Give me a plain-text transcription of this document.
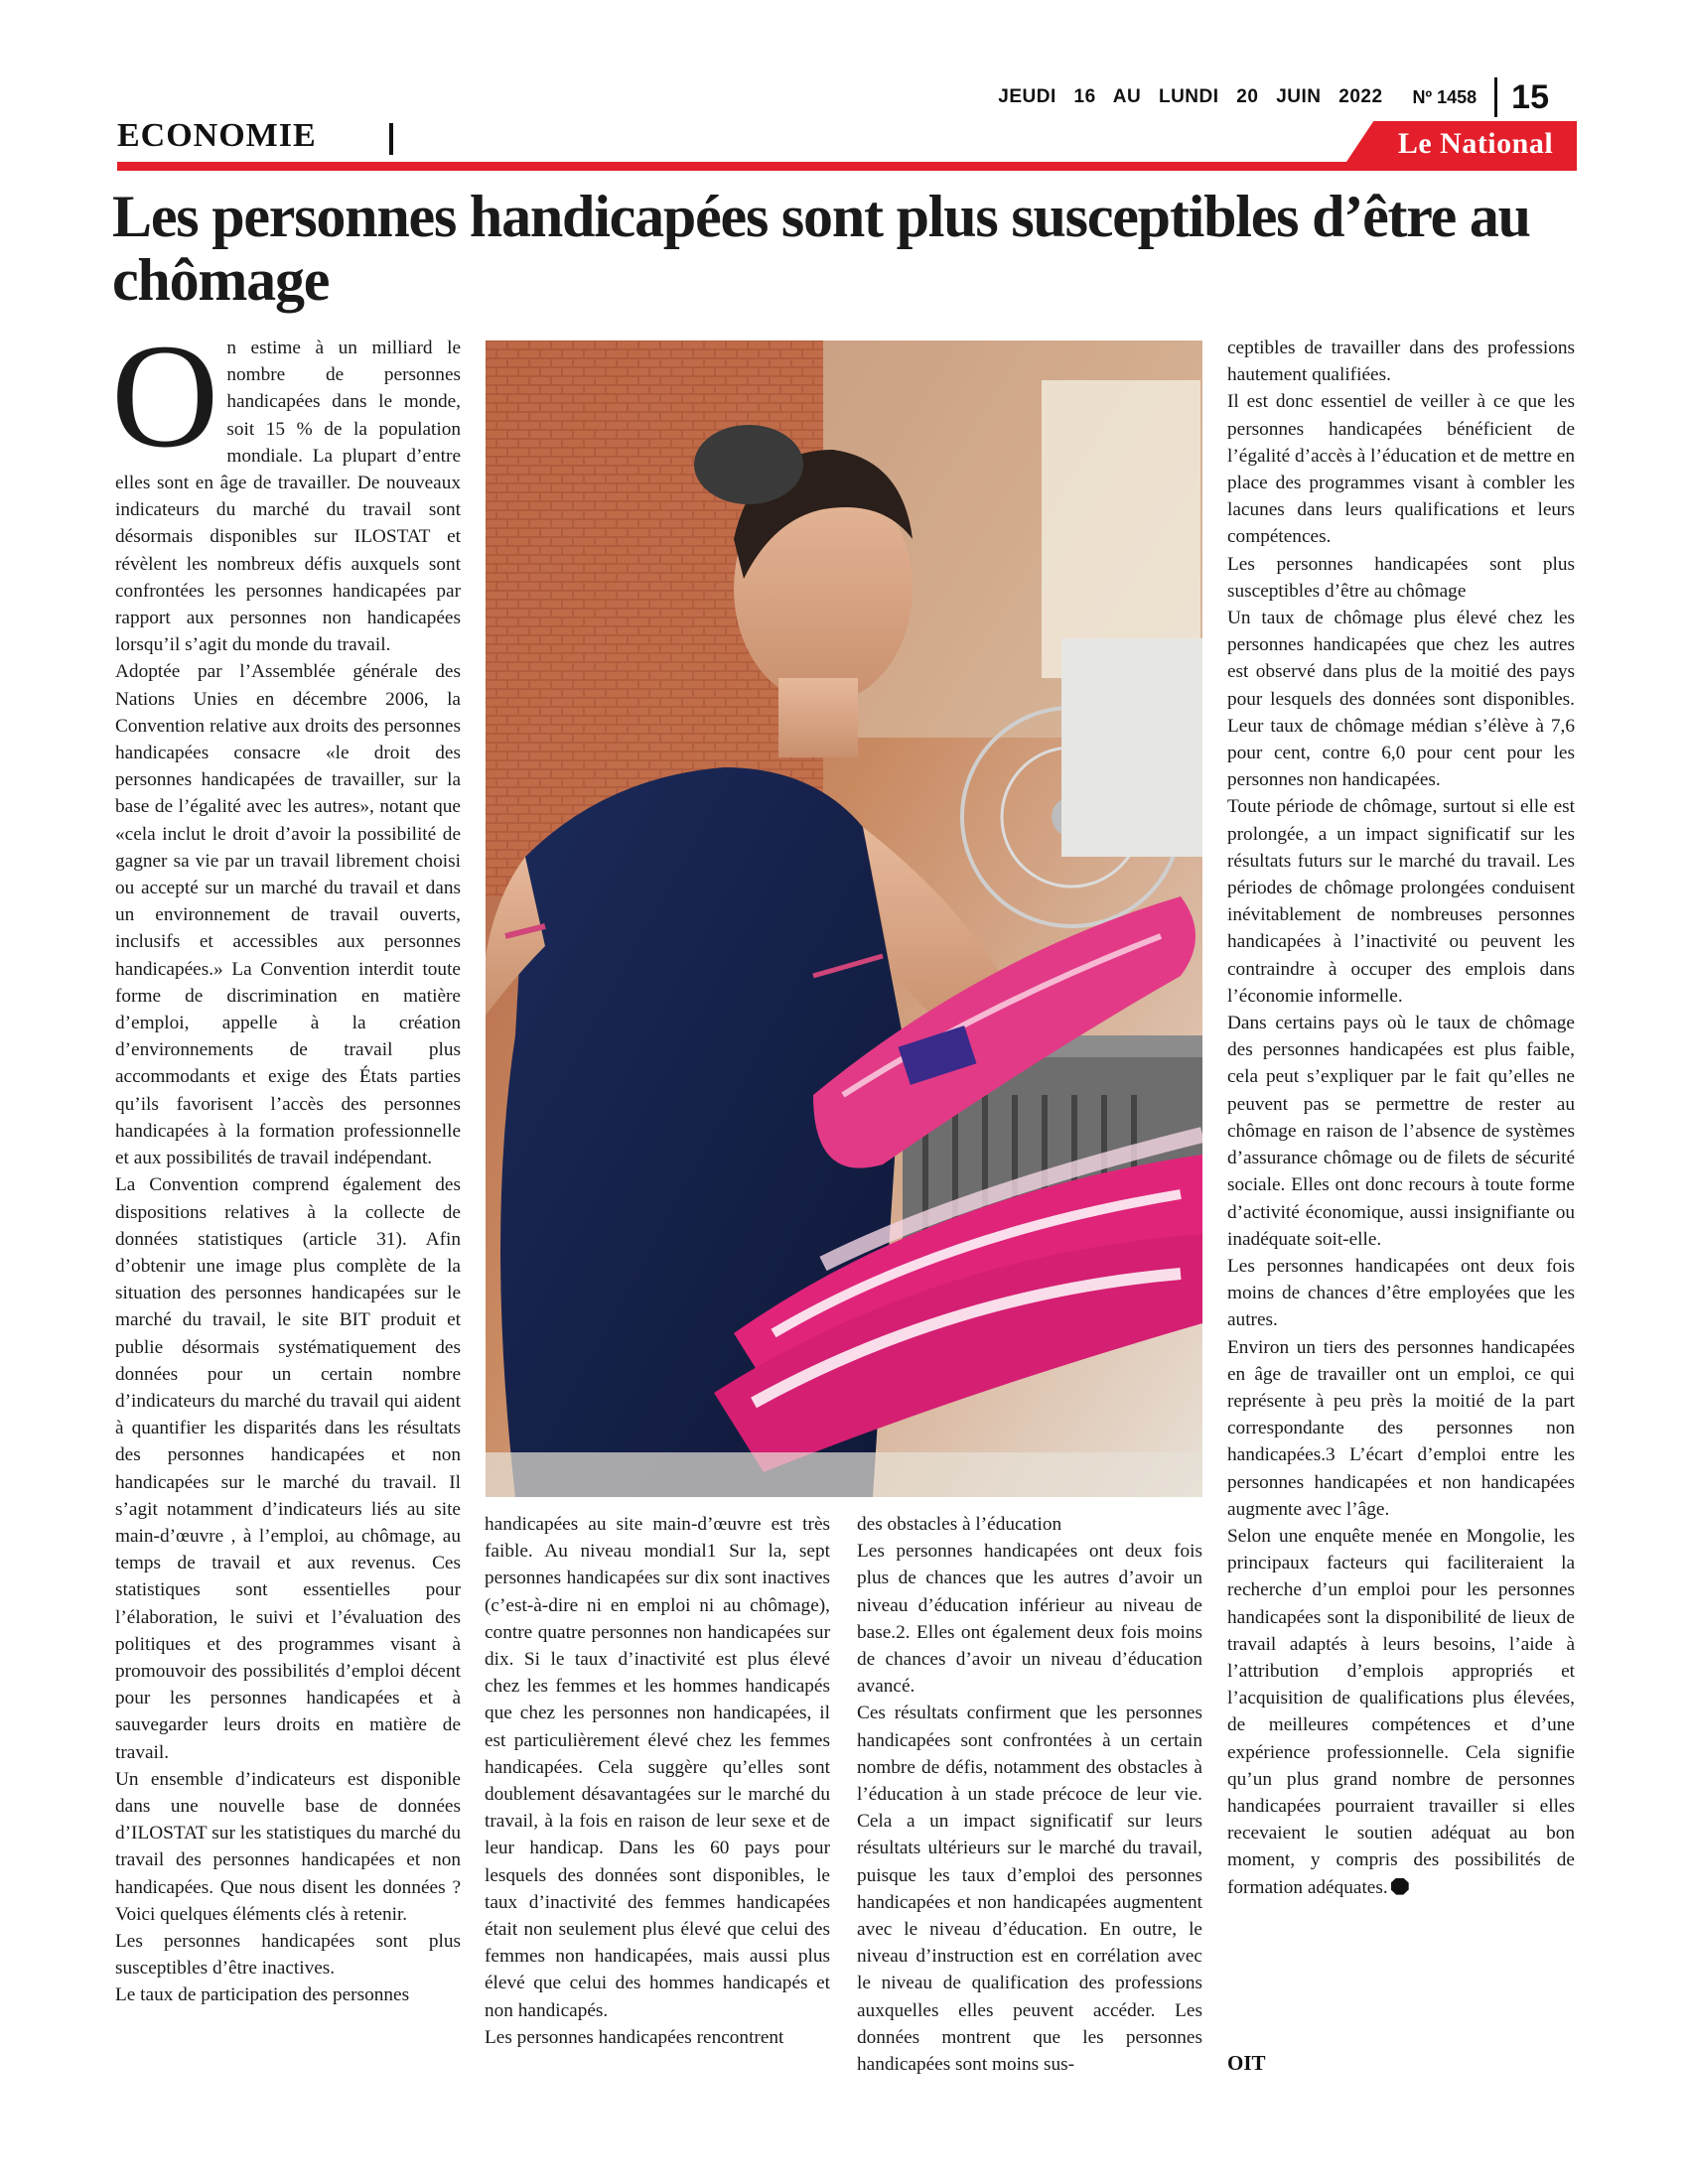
JEUDI 16 AU LUNDI 20 JUIN 2022 Nº 1458 15
ECONOMIE	Le National
Les personnes handicapées sont plus susceptibles d’être au chômage

On estime à un milliard le nombre de personnes handicapées dans le monde, soit 15 % de la population mondiale. La plupart d’entre elles sont en âge de travailler. De nouveaux indicateurs du marché du travail sont désormais disponibles sur ILOSTAT et révèlent les nombreux défis auxquels sont confrontées les personnes handicapées par rapport aux personnes non handicapées lorsqu’il s’agit du monde du travail.

Adoptée par l’Assemblée générale des Nations Unies en décembre 2006, la Convention relative aux droits des personnes handicapées consacre «le droit des personnes handicapées de travailler, sur la base de l’égalité avec les autres», notant que «cela inclut le droit d’avoir la possibilité de gagner sa vie par un travail librement choisi ou accepté sur un marché du travail et dans un environnement de travail ouverts, inclusifs et accessibles aux personnes handicapées.» La Convention interdit toute forme de discrimination en matière d’emploi, appelle à la création d’environnements de travail plus accommodants et exige des États parties qu’ils favorisent l’accès des personnes handicapées à la formation professionnelle et aux possibilités de travail indépendant.

La Convention comprend également des dispositions relatives à la collecte de données statistiques (article 31). Afin d’obtenir une image plus complète de la situation des personnes handicapées sur le marché du travail, le site BIT produit et publie désormais systématiquement des données pour un certain nombre d’indicateurs du marché du travail qui aident à quantifier les disparités dans les résultats des personnes handicapées et non handicapées sur le marché du travail. Il s’agit notamment d’indicateurs liés au site main-d’œuvre , à l’emploi, au chômage, au temps de travail et aux revenus. Ces statistiques sont essentielles pour l’élaboration, le suivi et l’évaluation des politiques et des programmes visant à promouvoir des possibilités d’emploi décent pour les personnes handicapées et à sauvegarder leurs droits en matière de travail.

Un ensemble d’indicateurs est disponible dans une nouvelle base de données d’ILOSTAT sur les statistiques du marché du travail des personnes handicapées et non handicapées. Que nous disent les données ? Voici quelques éléments clés à retenir.

Les personnes handicapées sont plus susceptibles d’être inactives.

Le taux de participation des personnes

handicapées au site main-d’œuvre est très faible. Au niveau mondial1 Sur la, sept personnes handicapées sur dix sont inactives (c’est-à-dire ni en emploi ni au chômage), contre quatre personnes non handicapées sur dix. Si le taux d’inactivité est plus élevé chez les femmes et les hommes handicapés que chez les personnes non handicapées, il est particulièrement élevé chez les femmes handicapées. Cela suggère qu’elles sont doublement désavantagées sur le marché du travail, à la fois en raison de leur sexe et de leur handicap. Dans les 60 pays pour lesquels des données sont disponibles, le taux d’inactivité des femmes handicapées était non seulement plus élevé que celui des femmes non handicapées, mais aussi plus élevé que celui des hommes handicapés et non handicapés.

Les personnes handicapées rencontrent

des obstacles à l’éducation

Les personnes handicapées ont deux fois plus de chances que les autres d’avoir un niveau d’éducation inférieur au niveau de base.2. Elles ont également deux fois moins de chances d’avoir un niveau d’éducation avancé.

Ces résultats confirment que les personnes handicapées sont confrontées à un certain nombre de défis, notamment des obstacles à l’éducation à un stade précoce de leur vie. Cela a un impact significatif sur leurs résultats ultérieurs sur le marché du travail, puisque les taux d’emploi des personnes handicapées et non handicapées augmentent avec le niveau d’éducation. En outre, le niveau d’instruction est en corrélation avec le niveau de qualification des professions auxquelles elles peuvent accéder. Les données montrent que les personnes handicapées sont moins sus-

ceptibles de travailler dans des professions hautement qualifiées.

Il est donc essentiel de veiller à ce que les personnes handicapées bénéficient de l’égalité d’accès à l’éducation et de mettre en place des programmes visant à combler les lacunes dans leurs qualifications et leurs compétences.

Les personnes handicapées sont plus susceptibles d’être au chômage

Un taux de chômage plus élevé chez les personnes handicapées que chez les autres est observé dans plus de la moitié des pays pour lesquels des données sont disponibles. Leur taux de chômage médian s’élève à 7,6 pour cent, contre 6,0 pour cent pour les personnes non handicapées.

Toute période de chômage, surtout si elle est prolongée, a un impact significatif sur les résultats futurs sur le marché du travail. Les périodes de chômage prolongées conduisent inévitablement de nombreuses personnes handicapées à l’inactivité ou peuvent les contraindre à occuper des emplois dans l’économie informelle.

Dans certains pays où le taux de chômage des personnes handicapées est plus faible, cela peut s’expliquer par le fait qu’elles ne peuvent pas se permettre de rester au chômage en raison de l’absence de systèmes d’assurance chômage ou de filets de sécurité sociale. Elles ont donc recours à toute forme d’activité économique, aussi insignifiante ou inadéquate soit-elle.

Les personnes handicapées ont deux fois moins de chances d’être employées que les autres.

Environ un tiers des personnes handicapées en âge de travailler ont un emploi, ce qui représente à peu près la moitié de la part correspondante des personnes non handicapées.3 L’écart d’emploi entre les personnes handicapées et non handicapées augmente avec l’âge.

Selon une enquête menée en Mongolie, les principaux facteurs qui faciliteraient la recherche d’un emploi pour les personnes handicapées sont la disponibilité de lieux de travail adaptés à leurs besoins, l’aide à l’attribution d’emplois appropriés et l’acquisition de qualifications plus élevées, de meilleures compétences et d’une expérience professionnelle. Cela signifie qu’un plus grand nombre de personnes handicapées pourraient travailler si elles recevaient le soutien adéquat au bon moment, y compris des possibilités de formation adéquates.

OIT
